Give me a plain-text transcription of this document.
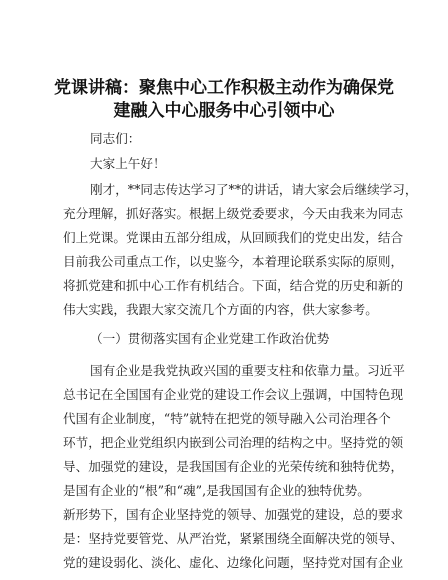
党课讲稿：聚焦中心工作积极主动作为确保党
建融入中心服务中心引领中心
同志们：
大家上午好！
刚才，**同志传达学习了**的讲话，请大家会后继续学习，
充分理解，抓好落实。根据上级党委要求，今天由我来为同志
们上党课。党课由五部分组成，从回顾我们的党史出发，结合
目前我公司重点工作，以史鉴今，本着理论联系实际的原则，
将抓党建和抓中心工作有机结合。下面，结合党的历史和新的
伟大实践，我跟大家交流几个方面的内容，供大家参考。
（一）贯彻落实国有企业党建工作政治优势
国有企业是我党执政兴国的重要支柱和依靠力量。习近平
总书记在全国国有企业党的建设工作会议上强调，中国特色现
代国有企业制度，“特”就特在把党的领导融入公司治理各个
环节，把企业党组织内嵌到公司治理的结构之中。坚持党的领
导、加强党的建设，是我国国有企业的光荣传统和独特优势，
是国有企业的“根”和“魂”,是我国国有企业的独特优势。
新形势下，国有企业坚持党的领导、加强党的建设，总的要求
是：坚持党要管党、从严治党，紧紧围绕全面解决党的领导、
党的建设弱化、淡化、虚化、边缘化问题，坚持党对国有企业
